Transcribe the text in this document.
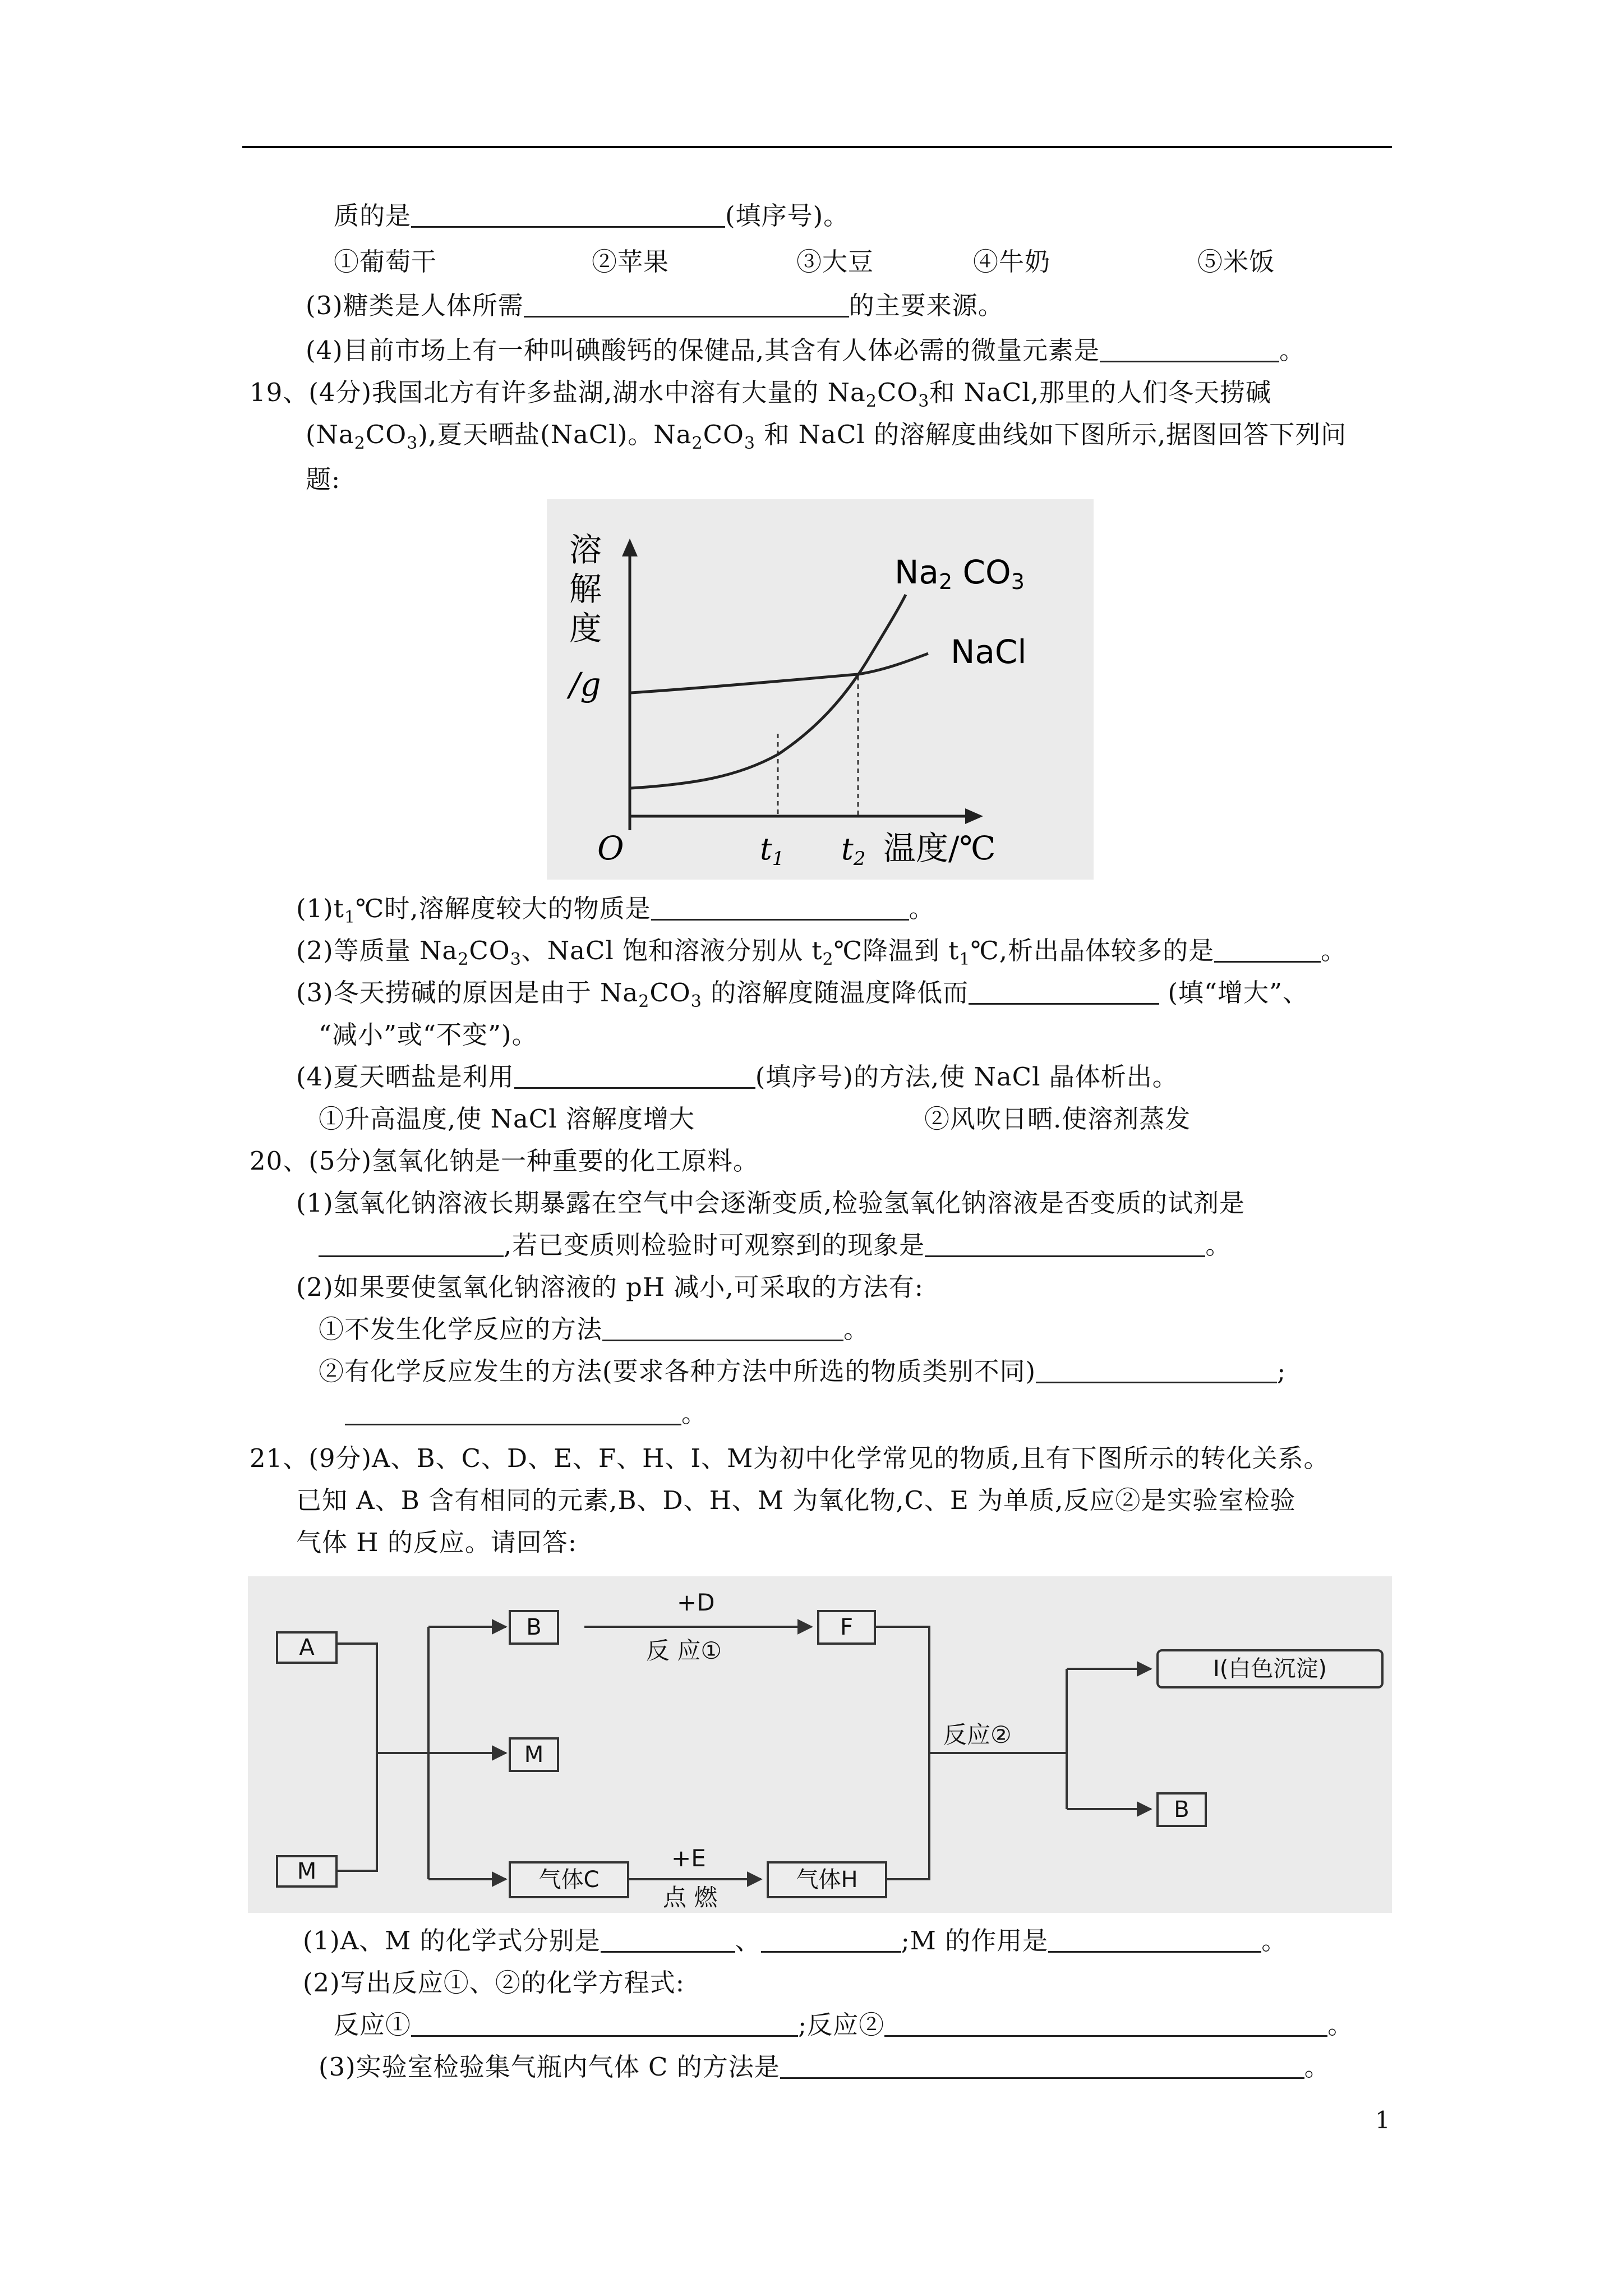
质的是	(填序号)。
①葡萄干	②苹果	③大豆	④牛奶	⑤米饭
(3)糖类是人体所需	的主要来源。
(4)目前市场上有一种叫碘酸钙的保健品,其含有人体必需的微量元素是	。
19、(4分)我国北方有许多盐湖,湖水中溶有大量的 $Na_2CO_3$和 NaCl,那里的人们冬天捞碱
$(Na_2CO_3)$,夏天晒盐(NaCl)。$Na_2CO_3$ 和 NaCl 的溶解度曲线如下图所示,据图回答下列问
题:
溶
解
度
/g
Na2 CO3
NaCl
O	t1 t2 温度/℃
$(1)t_1℃$时,溶解度较大的物质是	。
(2)等质量 $Na_2CO_3$、NaCl 饱和溶液分别从 $t_2℃$降温到 $t_1℃$,析出晶体较多的是	。
(3)冬天捞碱的原因是由于 $Na_2CO_3$ 的溶解度随温度降低而	(填“增大”、
“减小”或“不变”)。
(4)夏天晒盐是利用	(填序号)的方法,使 NaCl 晶体析出。
①升高温度,使 NaCl 溶解度增大	②风吹日晒.使溶剂蒸发
20、(5分)氢氧化钠是一种重要的化工原料。
(1)氢氧化钠溶液长期暴露在空气中会逐渐变质,检验氢氧化钠溶液是否变质的试剂是
,若已变质则检验时可观察到的现象是	。
(2)如果要使氢氧化钠溶液的 pH 减小,可采取的方法有:
①不发生化学反应的方法	。
②有化学反应发生的方法(要求各种方法中所选的物质类别不同)	;
。
21、(9分)A、B、C、D、E、F、H、I、M为初中化学常见的物质,且有下图所示的转化关系。
已知 A、B 含有相同的元素,B、D、H、M 为氧化物,C、E 为单质,反应②是实验室检验
气体 H 的反应。请回答:
A
M
B
M
气体C
F
气体H
I(白色沉淀)
B
+D
反 应①
+E
点 燃
反应②
(1)A、M 的化学式分别是	、	;M 的作用是	。
(2)写出反应①、②的化学方程式:
反应①	;反应②	。
(3)实验室检验集气瓶内气体 C 的方法是	。
1
